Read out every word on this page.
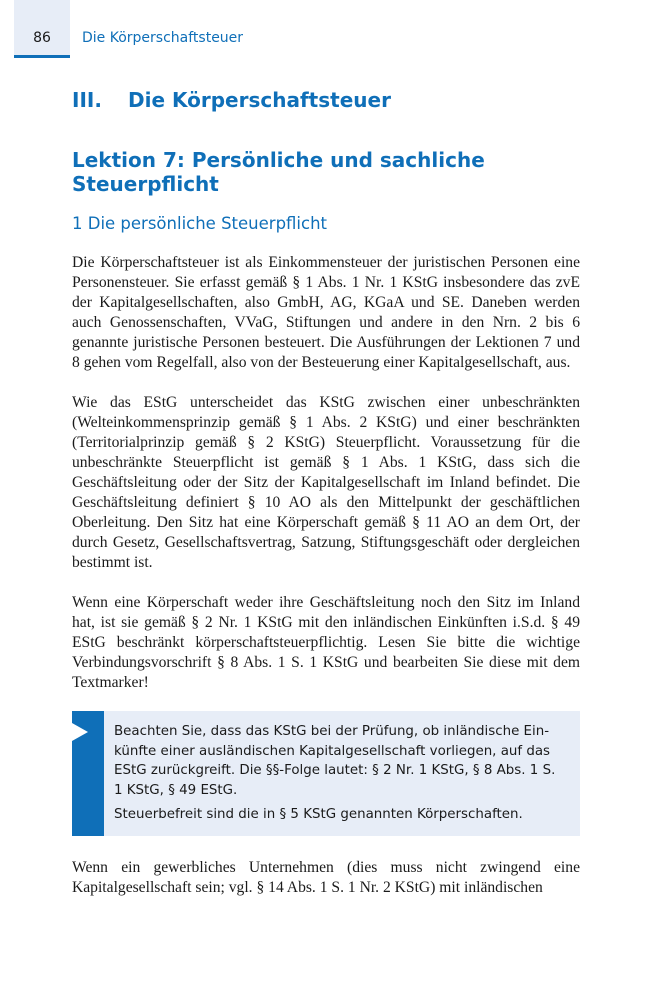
86	Die Körperschaftsteuer
III.	Die Körperschaftsteuer
Lektion 7: Persönliche und sachliche Steuerpflicht
1 Die persönliche Steuerpflicht

Die Körperschaftsteuer ist als Einkommensteuer der juristischen Personen eine Personensteuer. Sie erfasst gemäß § 1 Abs. 1 Nr. 1 KStG insbesondere das zvE der Kapitalgesellschaften, also GmbH, AG, KGaA und SE. Daneben werden auch Genossenschaften, VVaG, Stiftungen und andere in den Nrn. 2 bis 6 genannte juristische Personen besteuert. Die Ausführungen der Lektionen 7 und 8 gehen vom Regelfall, also von der Besteuerung einer Kapitalgesellschaft, aus.

Wie das EStG unterscheidet das KStG zwischen einer unbeschränkten (Welteinkommensprinzip gemäß § 1 Abs. 2 KStG) und einer beschränkten (Territorialprinzip gemäß § 2 KStG) Steuerpflicht. Voraussetzung für die unbeschränkte Steuerpflicht ist gemäß § 1 Abs. 1 KStG, dass sich die Geschäftsleitung oder der Sitz der Kapitalgesellschaft im Inland befindet. Die Geschäftsleitung definiert § 10 AO als den Mittelpunkt der geschäftlichen Oberleitung. Den Sitz hat eine Körperschaft gemäß § 11 AO an dem Ort, der durch Gesetz, Gesellschaftsvertrag, Satzung, Stiftungsgeschäft oder dergleichen bestimmt ist.

Wenn eine Körperschaft weder ihre Geschäftsleitung noch den Sitz im Inland hat, ist sie gemäß § 2 Nr. 1 KStG mit den inländischen Einkünften i.S.d. § 49 EStG beschränkt körperschaftsteuerpflichtig. Lesen Sie bitte die wichtige Verbindungsvorschrift § 8 Abs. 1 S. 1 KStG und bearbeiten Sie diese mit dem Textmarker!

Beachten Sie, dass das KStG bei der Prüfung, ob inländische Einkünfte einer ausländischen Kapitalgesellschaft vorliegen, auf das EStG zurückgreift. Die §§-Folge lautet: § 2 Nr. 1 KStG, § 8 Abs. 1 S. 1 KStG, § 49 EStG.

Steuerbefreit sind die in § 5 KStG genannten Körperschaften.

Wenn ein gewerbliches Unternehmen (dies muss nicht zwingend eine Kapitalgesellschaft sein; vgl. § 14 Abs. 1 S. 1 Nr. 2 KStG) mit inländischen
